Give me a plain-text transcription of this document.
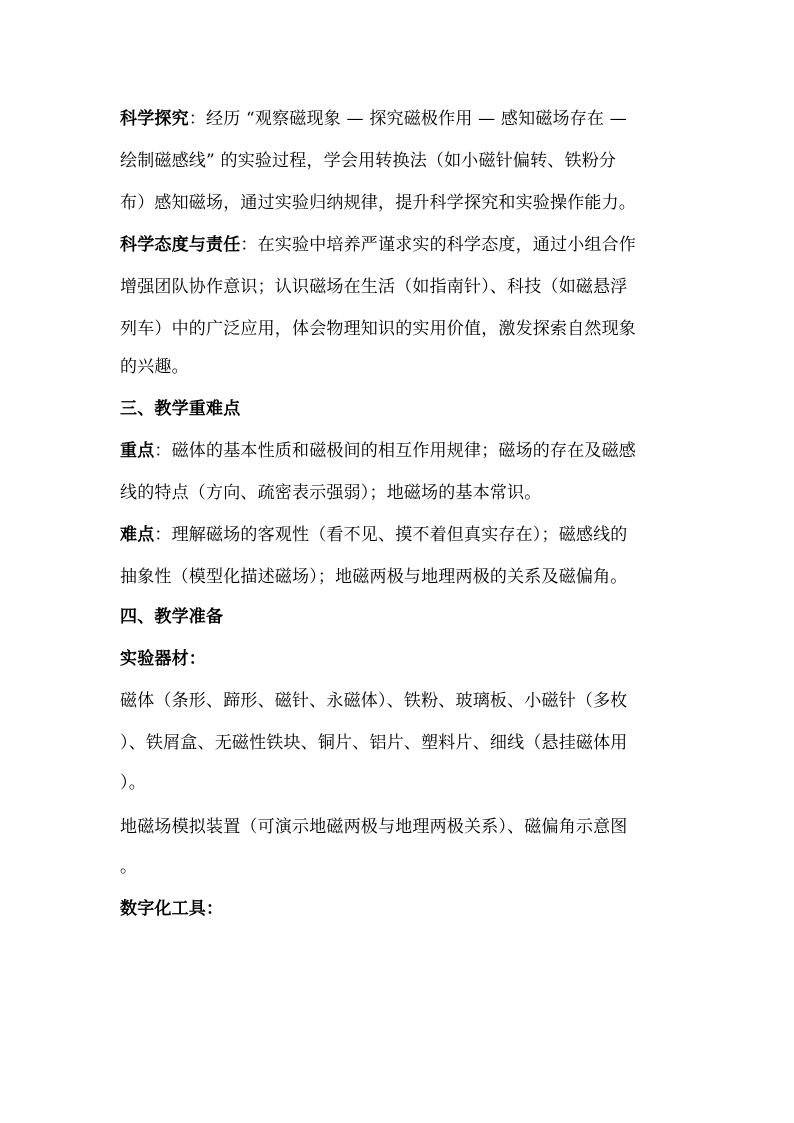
科学探究：经历 “观察磁现象 — 探究磁极作用 — 感知磁场存在 —
绘制磁感线” 的实验过程，学会用转换法（如小磁针偏转、铁粉分
布）感知磁场，通过实验归纳规律，提升科学探究和实验操作能力。
科学态度与责任：在实验中培养严谨求实的科学态度，通过小组合作
增强团队协作意识；认识磁场在生活（如指南针）、科技（如磁悬浮
列车）中的广泛应用，体会物理知识的实用价值，激发探索自然现象
的兴趣。
三、教学重难点
重点：磁体的基本性质和磁极间的相互作用规律；磁场的存在及磁感
线的特点（方向、疏密表示强弱）；地磁场的基本常识。
难点：理解磁场的客观性（看不见、摸不着但真实存在）；磁感线的
抽象性（模型化描述磁场）；地磁两极与地理两极的关系及磁偏角。
四、教学准备
实验器材：
磁体（条形、蹄形、磁针、永磁体）、铁粉、玻璃板、小磁针（多枚
）、铁屑盒、无磁性铁块、铜片、铝片、塑料片、细线（悬挂磁体用
）。
地磁场模拟装置（可演示地磁两极与地理两极关系）、磁偏角示意图
。
数字化工具：
